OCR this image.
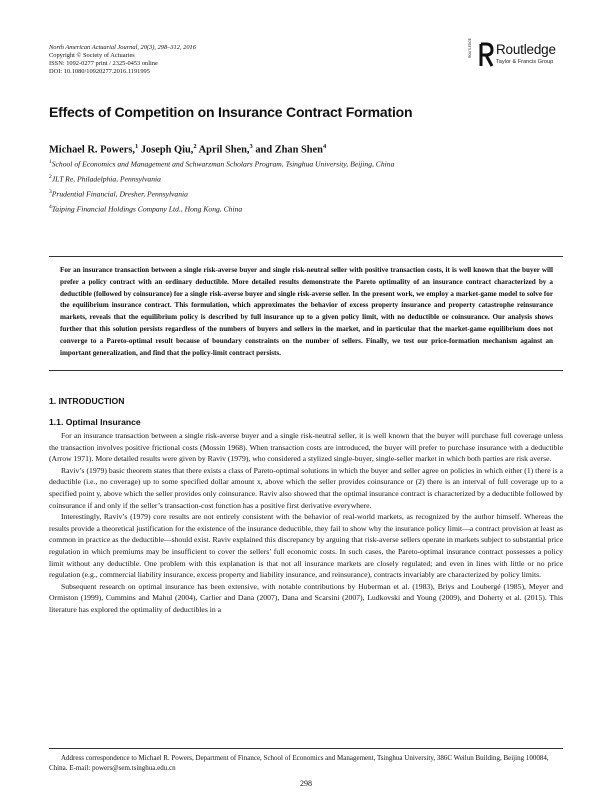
North American Actuarial Journal, 20(3), 298–312, 2016
Copyright © Society of Actuaries
ISSN: 1092-0277 print / 2325-0453 online
DOI: 10.1080/10920277.2016.1191995
ROUTLEDGE Routledge
Taylor & Francis Group
Effects of Competition on Insurance Contract Formation
Michael R. Powers,$^1$ Joseph Qiu,$^2$ April Shen,$^3$ and Zhan Shen$^4$
$^1$School of Economics and Management and Schwarzman Scholars Program, Tsinghua University, Beijing, China
$^2$JLT Re, Philadelphia, Pennsylvania
$^3$Prudential Financial, Dresher, Pennsylvania
$^4$Taiping Financial Holdings Company Ltd., Hong Kong, China
For an insurance transaction between a single risk-averse buyer and single risk-neutral seller with positive transaction costs, it is well known that the buyer will prefer a policy contract with an ordinary deductible. More detailed results demonstrate the Pareto optimality of an insurance contract characterized by a deductible (followed by coinsurance) for a single risk-averse buyer and single risk-averse seller. In the present work, we employ a market-game model to solve for the equilibrium insurance contract. This formulation, which approximates the behavior of excess property insurance and property catastrophe reinsurance markets, reveals that the equilibrium policy is described by full insurance up to a given policy limit, with no deductible or coinsurance. Our analysis shows further that this solution persists regardless of the numbers of buyers and sellers in the market, and in particular that the market-game equilibrium does not converge to a Pareto-optimal result because of boundary constraints on the number of sellers. Finally, we test our price-formation mechanism against an important generalization, and find that the policy-limit contract persists.
1. INTRODUCTION
1.1. Optimal Insurance

For an insurance transaction between a single risk-averse buyer and a single risk-neutral seller, it is well known that the buyer will purchase full coverage unless the transaction involves positive frictional costs (Mossin 1968). When transaction costs are introduced, the buyer will prefer to purchase insurance with a deductible (Arrow 1971). More detailed results were given by Raviv (1979), who considered a stylized single-buyer, single-seller market in which both parties are risk averse.

Raviv’s (1979) basic theorem states that there exists a class of Pareto-optimal solutions in which the buyer and seller agree on policies in which either (1) there is a deductible (i.e., no coverage) up to some specified dollar amount x, above which the seller provides coinsurance or (2) there is an interval of full coverage up to a specified point y, above which the seller provides only coinsurance. Raviv also showed that the optimal insurance contract is characterized by a deductible followed by coinsurance if and only if the seller’s transaction-cost function has a positive first derivative everywhere.

Interestingly, Raviv’s (1979) core results are not entirely consistent with the behavior of real-world markets, as recognized by the author himself. Whereas the results provide a theoretical justification for the existence of the insurance deductible, they fail to show why the insurance policy limit—a contract provision at least as common in practice as the deductible—should exist. Raviv explained this discrepancy by arguing that risk-averse sellers operate in markets subject to substantial price regulation in which premiums may be insufficient to cover the sellers’ full economic costs. In such cases, the Pareto-optimal insurance contract possesses a policy limit without any deductible. One problem with this explanation is that not all insurance markets are closely regulated; and even in lines with little or no price regulation (e.g., commercial liability insurance, excess property and liability insurance, and reinsurance), contracts invariably are characterized by policy limits.

Subsequent research on optimal insurance has been extensive, with notable contributions by Huberman et al. (1983), Briys and Loubergé (1985), Meyer and Ormiston (1999), Cummins and Mahul (2004), Carlier and Dana (2007), Dana and Scarsini (2007), Ludkovski and Young (2009), and Doherty et al. (2015). This literature has explored the optimality of deductibles in a

Address correspondence to Michael R. Powers, Department of Finance, School of Economics and Management, Tsinghua University, 386C Weilun Building, Beijing 100084, China. E-mail: powers@sem.tsinghua.edu.cn
298
